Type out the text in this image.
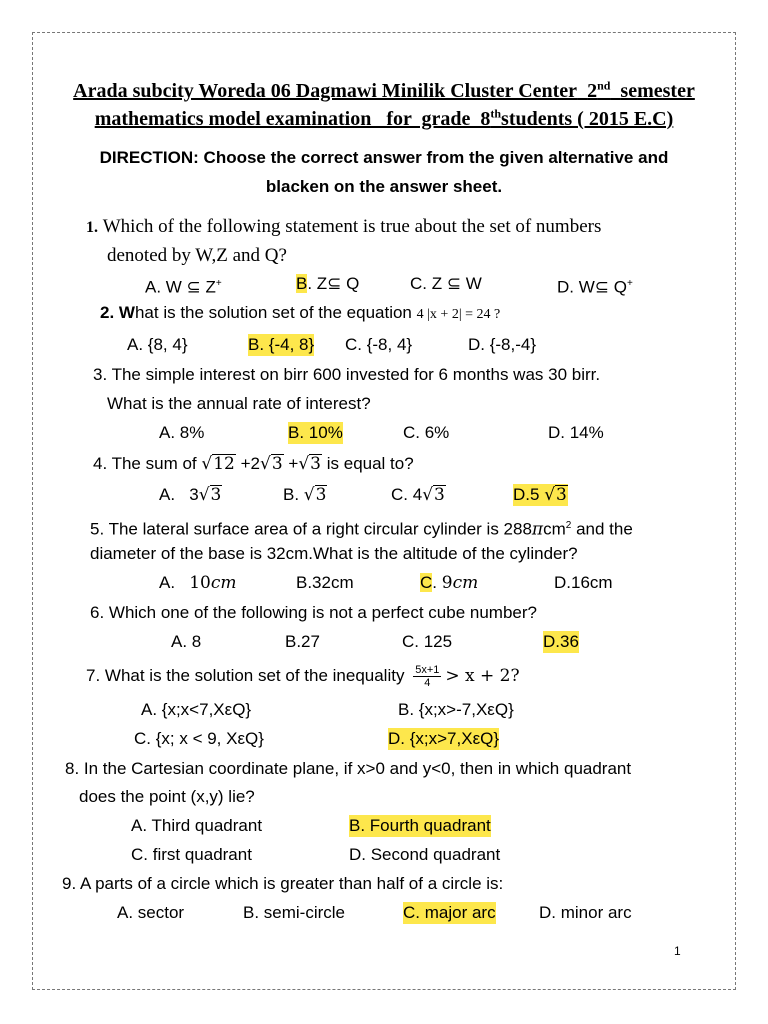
Arada subcity Woreda 06 Dagmawi Minilik Cluster Center 2nd semester
mathematics model examination   for  grade  8thstudents ( 2015 E.C)
DIRECTION: Choose the correct answer from the given alternative and
blacken on the answer sheet.
1. Which of the following statement is true about the set of numbers
denoted by W,Z and Q?
A. W ⊆ Z+	B. Z⊆ Q	C. Z ⊆ W	D. W⊆ Q+
2. What is the solution set of the equation 4 |x + 2| = 24 ?
A. {8, 4}	B. {-4, 8} C. {-8, 4}	D. {-8,-4}
3. The simple interest on birr 600 invested for 6 months was 30 birr.
What is the annual rate of interest?
A. 8%	B. 10%	C. 6%	D. 14%
4. The sum of √12 +2√3 +√3 is equal to?
A.   3√3	B. √3	C. 4√3	D.5 √3
5. The lateral surface area of a right circular cylinder is 288πcm$^2$ and the
diameter of the base is 32cm.What is the altitude of the cylinder?
A. 10cm	B.32cm	C. 9cm	D.16cm
6. Which one of the following is not a perfect cube number?
A. 8	B.27	C. 125	D.36
7. What is the solution set of the inequality $\frac{5x+1}{4} > x + 2$?
A. {x;x<7,XεQ}	B. {x;x>-7,XεQ}
C. {x; x < 9, XεQ}	D. {x;x>7,XεQ}
8. In the Cartesian coordinate plane, if x>0 and y<0, then in which quadrant
does the point (x,y) lie?
A. Third quadrant	B. Fourth quadrant
C. first quadrant	D. Second quadrant
9. A parts of a circle which is greater than half of a circle is:
A. sector	B. semi-circle	C. major arc	D. minor arc
1
